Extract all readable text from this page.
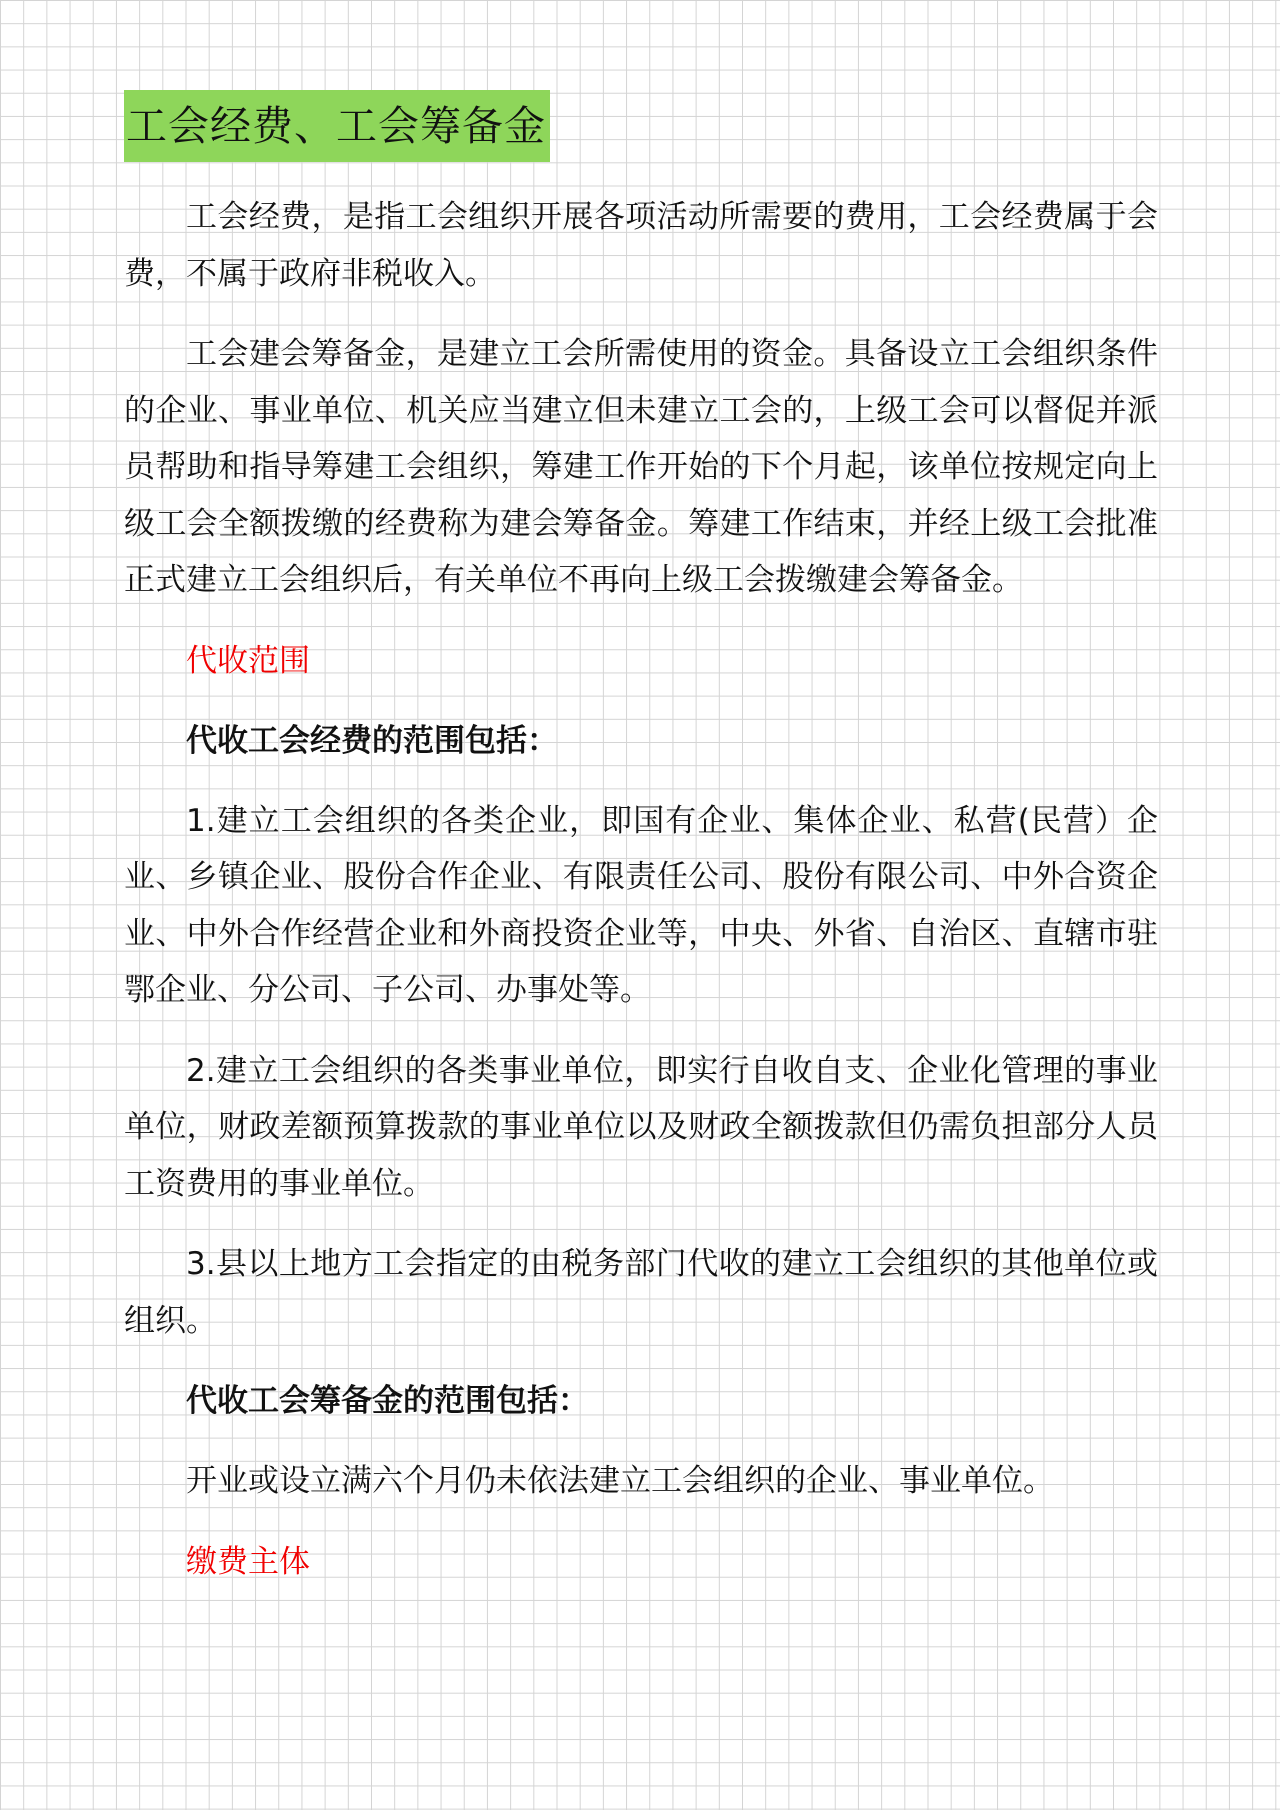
工会经费、工会筹备金

工会经费，是指工会组织开展各项活动所需要的费用，工会经费属于会费，不属于政府非税收入。

工会建会筹备金，是建立工会所需使用的资金。具备设立工会组织条件的企业、事业单位、机关应当建立但未建立工会的，上级工会可以督促并派员帮助和指导筹建工会组织，筹建工作开始的下个月起，该单位按规定向上级工会全额拨缴的经费称为建会筹备金。筹建工作结束，并经上级工会批准正式建立工会组织后，有关单位不再向上级工会拨缴建会筹备金。

代收范围

代收工会经费的范围包括：

1.建立工会组织的各类企业，即国有企业、集体企业、私营(民营）企业、乡镇企业、股份合作企业、有限责任公司、股份有限公司、中外合资企业、中外合作经营企业和外商投资企业等，中央、外省、自治区、直辖市驻鄂企业、分公司、子公司、办事处等。

2.建立工会组织的各类事业单位，即实行自收自支、企业化管理的事业单位，财政差额预算拨款的事业单位以及财政全额拨款但仍需负担部分人员工资费用的事业单位。

3.县以上地方工会指定的由税务部门代收的建立工会组织的其他单位或组织。

代收工会筹备金的范围包括：

开业或设立满六个月仍未依法建立工会组织的企业、事业单位。

缴费主体
